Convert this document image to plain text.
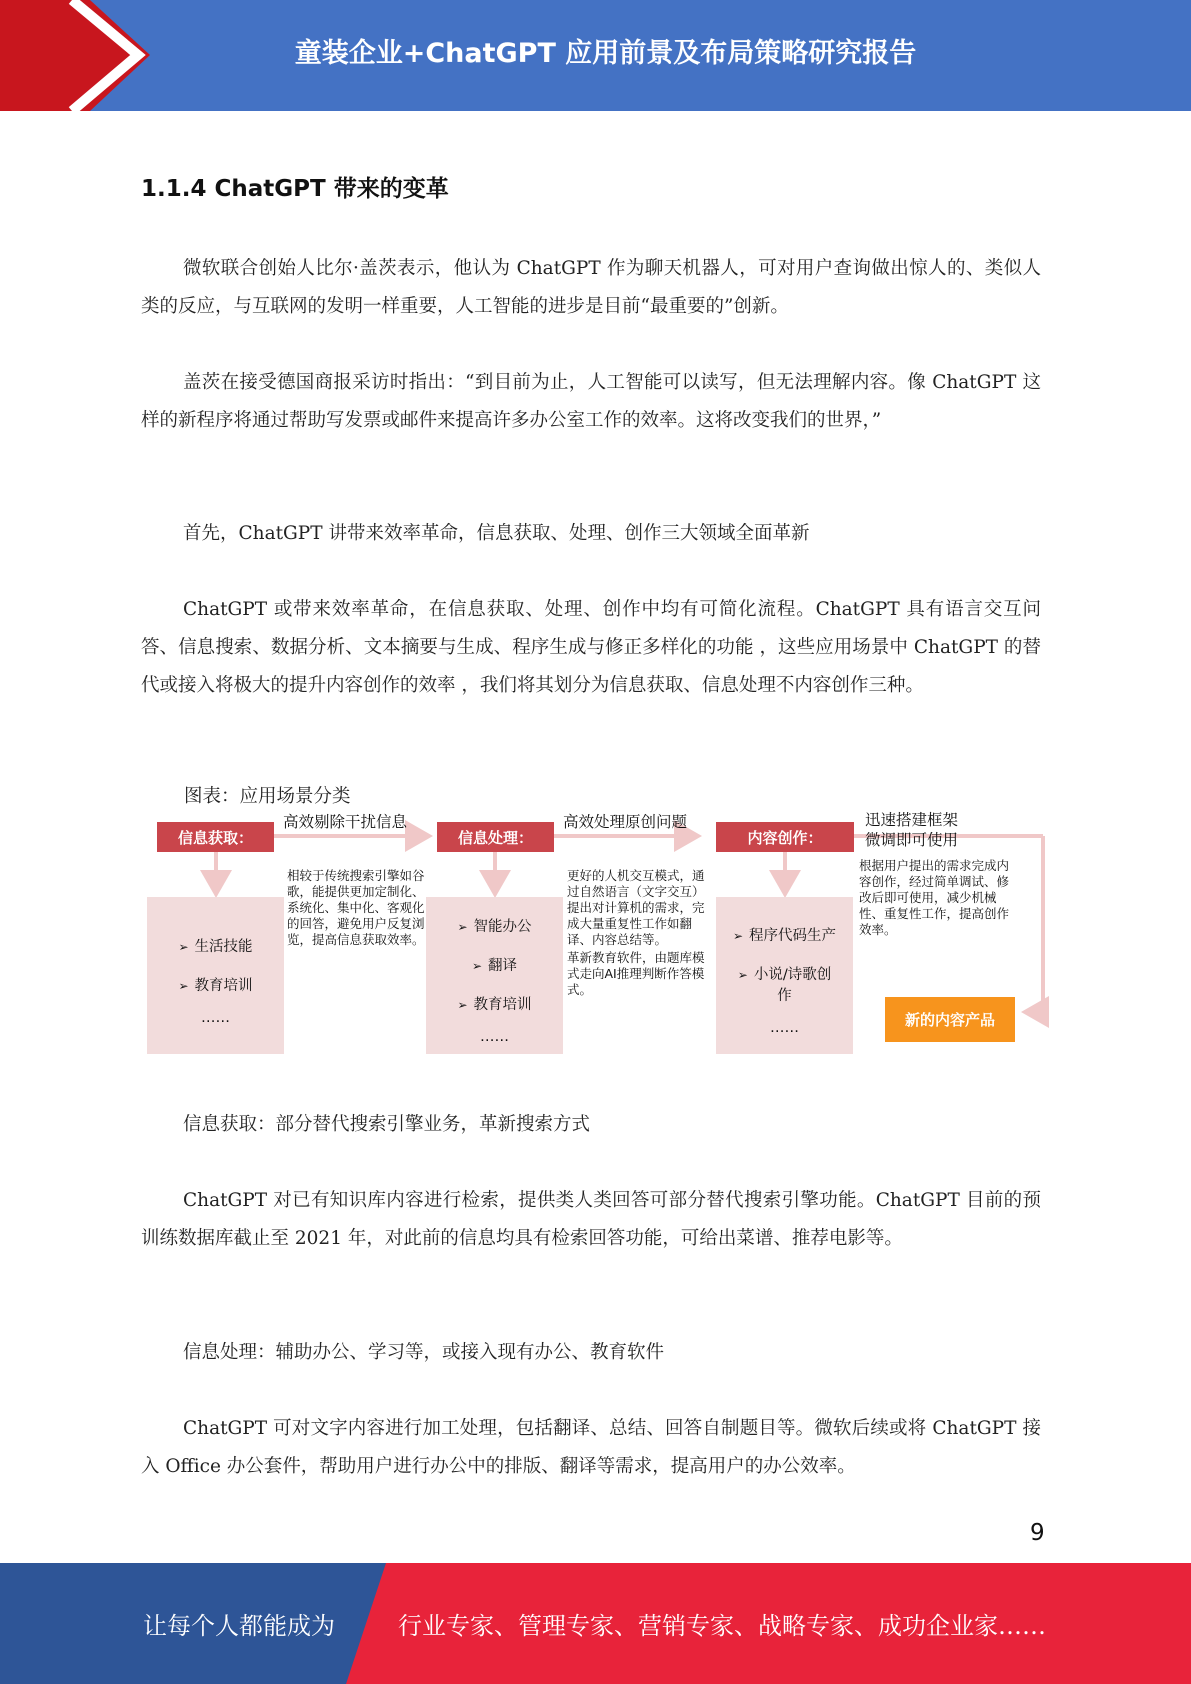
童装企业+ChatGPT 应用前景及布局策略研究报告
1.1.4 ChatGPT 带来的变革

微软联合创始人比尔·盖茨表示，他认为 ChatGPT 作为聊天机器人，可对用户查询做出惊人的、类似人类的反应，与互联网的发明一样重要，人工智能的进步是目前“最重要的”创新。

盖茨在接受德国商报采访时指出：“到目前为止，人工智能可以读写，但无法理解内容。像 ChatGPT 这样的新程序将通过帮助写发票或邮件来提高许多办公室工作的效率。这将改变我们的世界，”

首先，ChatGPT 讲带来效率革命，信息获取、处理、创作三大领域全面革新

ChatGPT 或带来效率革命，在信息获取、处理、创作中均有可简化流程。ChatGPT 具有语言交互问答、信息搜索、数据分析、文本摘要与生成、程序生成与修正多样化的功能 ，这些应用场景中 ChatGPT 的替代或接入将极大的提升内容创作的效率 ，我们将其划分为信息获取、信息处理不内容创作三种。

图表：应用场景分类
信息获取：
高效剔除干扰信息
➢ 生活技能
➢ 教育培训
……
相较于传统搜索引擎如谷歌，能提供更加定制化、系统化、集中化、客观化的回答，避免用户反复浏览，提高信息获取效率。
信息处理：
高效处理原创问题
➢ 智能办公
➢ 翻译
➢ 教育培训
……
更好的人机交互模式，通过自然语言（文字交互）提出对计算机的需求，完成大量重复性工作如翻译、内容总结等。
革新教育软件，由题库模式走向AI推理判断作答模式。
内容创作：
迅速搭建框架
微调即可使用
➢ 程序代码生产
➢ 小说/诗歌创作
……
根据用户提出的需求完成内容创作，经过简单调试、修改后即可使用，减少机械性、重复性工作，提高创作效率。
新的内容产品

信息获取：部分替代搜索引擎业务，革新搜索方式

ChatGPT 对已有知识库内容进行检索，提供类人类回答可部分替代搜索引擎功能。ChatGPT 目前的预训练数据库截止至 2021 年，对此前的信息均具有检索回答功能，可给出菜谱、推荐电影等。

信息处理：辅助办公、学习等，或接入现有办公、教育软件

ChatGPT 可对文字内容进行加工处理，包括翻译、总结、回答自制题目等。微软后续或将 ChatGPT 接入 Office 办公套件，帮助用户进行办公中的排版、翻译等需求，提高用户的办公效率。

9
让每个人都能成为	行业专家、管理专家、营销专家、战略专家、成功企业家……
